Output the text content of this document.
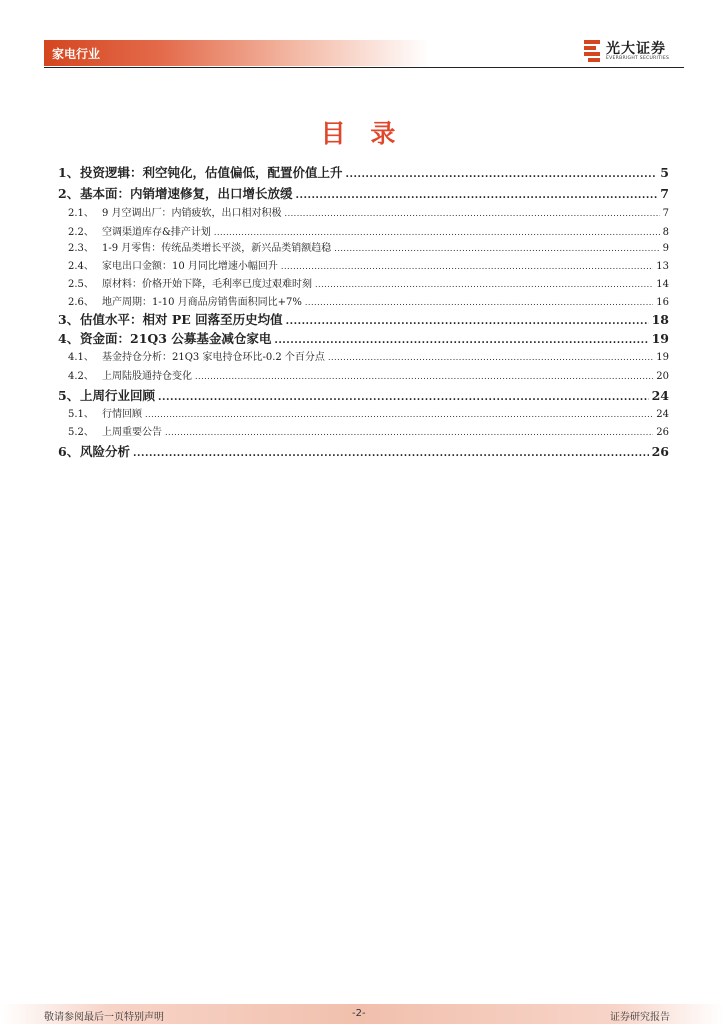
家电行业	光大证券
EVERBRIGHT SECURITIES
目 录
1、 投资逻辑：利空钝化，估值偏低，配置价值上升 .....	5
2、 基本面：内销增速修复，出口增长放缓 .....	7
2.1、 9 月空调出厂：内销疲软，出口相对积极 .....	7
2.2、 空调渠道库存&排产计划 .....	8
2.3、 1-9 月零售：传统品类增长平淡，新兴品类销额趋稳 .....	9
2.4、 家电出口金额：10 月同比增速小幅回升 .....	13
2.5、 原材料：价格开始下降，毛利率已度过艰难时刻 .....	14
2.6、 地产周期：1-10 月商品房销售面积同比+7% .....	16
3、 估值水平：相对 PE 回落至历史均值 .....	18
4、 资金面：21Q3 公募基金减仓家电 .....	19
4.1、 基金持仓分析：21Q3 家电持仓环比-0.2 个百分点 .....	19
4.2、 上周陆股通持仓变化 .....	20
5、 上周行业回顾 .....	24
5.1、 行情回顾 .....	24
5.2、 上周重要公告 .....	26
6、 风险分析 .....	26
敬请参阅最后一页特别声明	-2-	证券研究报告
